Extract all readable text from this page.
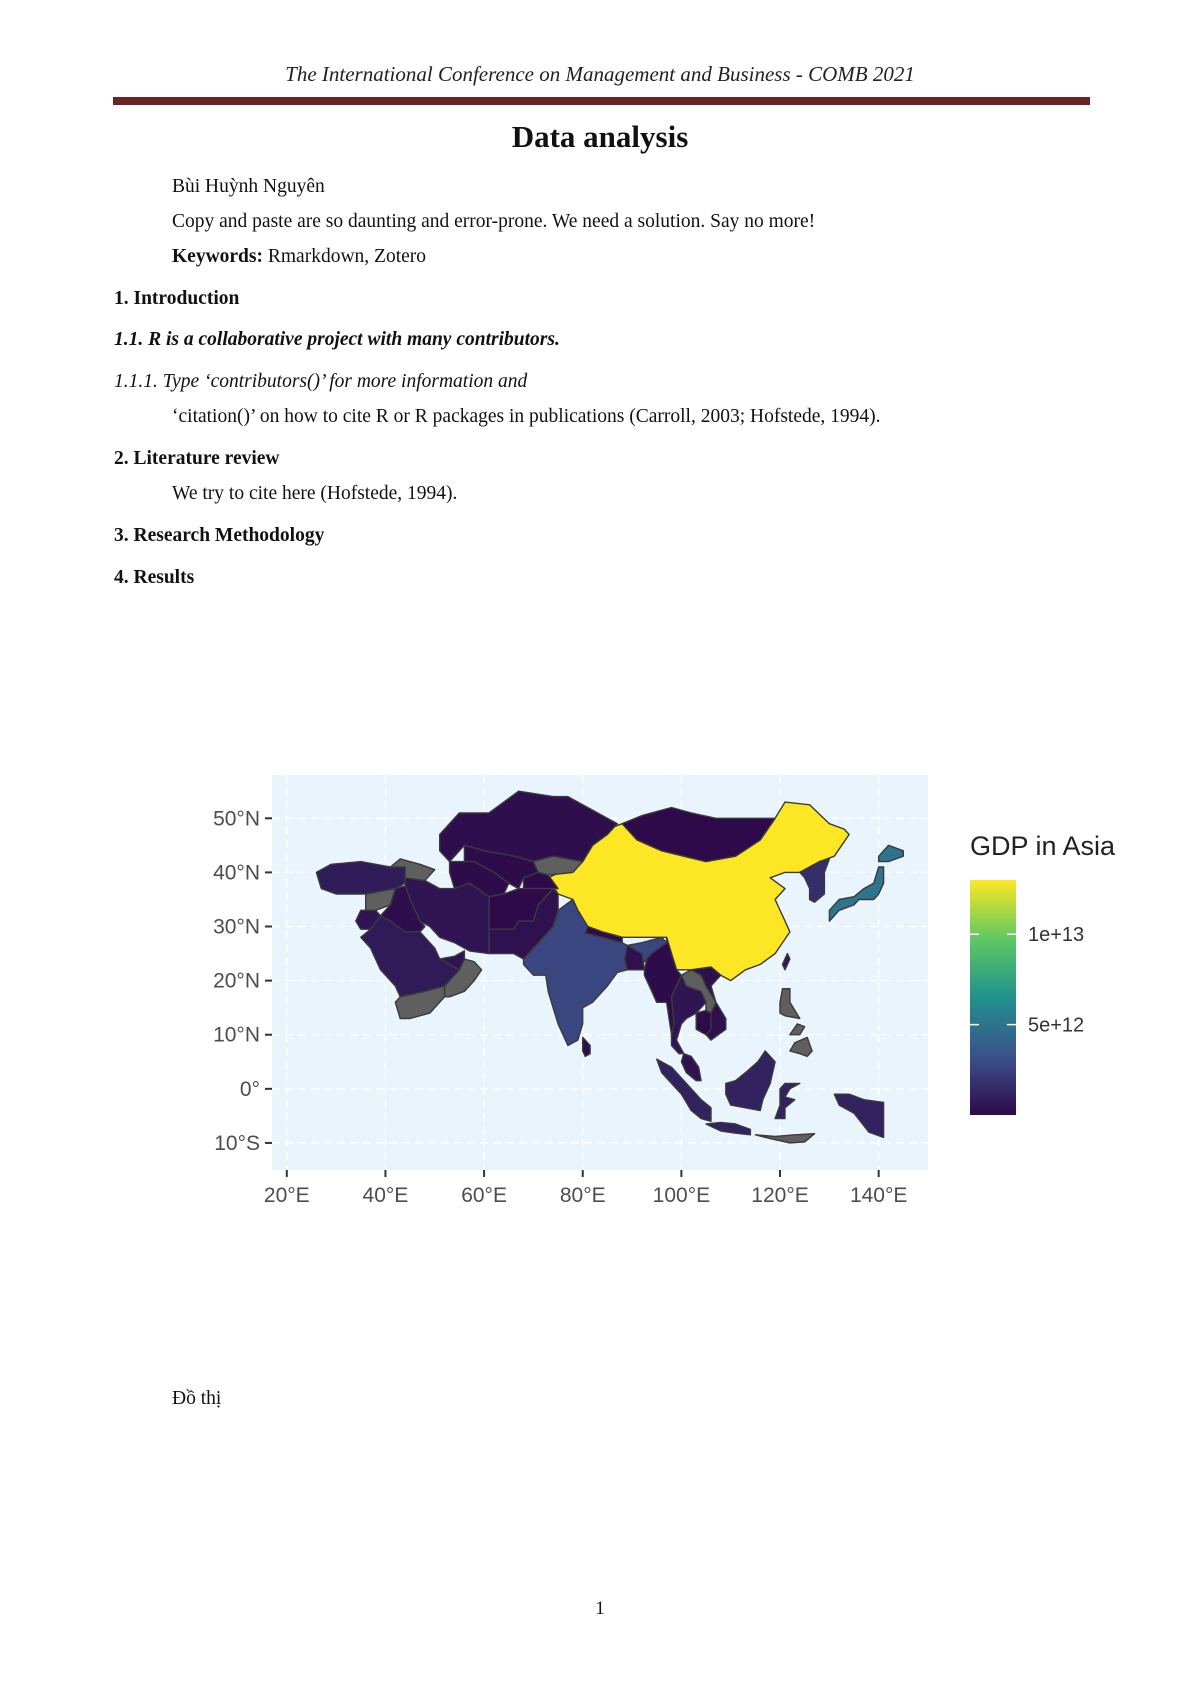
The International Conference on Management and Business - COMB 2021
Data analysis
Bùi Huỳnh Nguyên
Copy and paste are so daunting and error-prone. We need a solution. Say no more!
Keywords: Rmarkdown, Zotero
1. Introduction
1.1. R is a collaborative project with many contributors.
1.1.1. Type ‘contributors()’ for more information and
‘citation()’ on how to cite R or R packages in publications (Carroll, 2003; Hofstede, 1994).
2. Literature review
We try to cite here (Hofstede, 1994).
3. Research Methodology
4. Results
20°E	40°E	60°E	80°E 100°E 120°E 140°E
10°S
0°
10°N
20°N
30°N
40°N
50°N
GDP in Asia
5e+12
1e+13
Đồ thị
1
